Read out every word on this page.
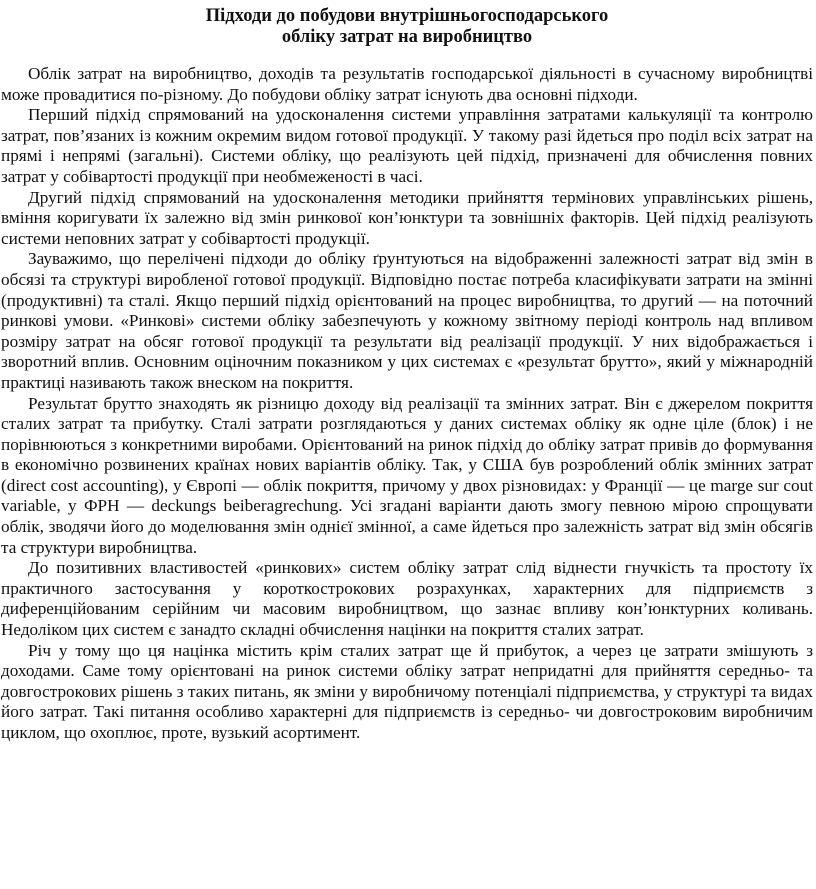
Підходи до побудови внутрішньогосподарського
обліку затрат на виробництво

Облік затрат на виробництво, доходів та результатів господарської діяльності в сучасному виробництві може провадитися по-різному. До побудови обліку затрат існують два основні підходи.

Перший підхід спрямований на удосконалення системи управління затратами калькуляції та контролю затрат, пов’язаних із кожним окремим видом готової продукції. У такому разі йдеться про поділ всіх затрат на прямі і непрямі (загальні). Системи обліку, що реалізують цей підхід, призначені для обчислення повних затрат у собівартості продукції при необмеженості в часі.

Другий підхід спрямований на удосконалення методики прийняття термінових управлінських рішень, вміння коригувати їх залежно від змін ринкової кон’юнктури та зовнішніх факторів. Цей підхід реалізують системи неповних затрат у собівартості продукції.

Зауважимо, що перелічені підходи до обліку ґрунтуються на відображенні залежності затрат від змін в обсязі та структурі виробленої готової продукції. Відповідно постає потреба класифікувати затрати на змінні (продуктивні) та сталі. Якщо перший підхід орієнтований на процес виробництва, то другий — на поточний ринкові умови. «Ринкові» системи обліку забезпечують у кожному звітному періоді контроль над впливом розміру затрат на обсяг готової продукції та результати від реалізації продукції. У них відображається і зворотний вплив. Основним оціночним показником у цих системах є «результат брутто», який у міжнародній практиці називають також внеском на покриття.

Результат брутто знаходять як різницю доходу від реалізації та змінних затрат. Він є джерелом покриття сталих затрат та прибутку. Сталі затрати розглядаються у даних системах обліку як одне ціле (блок) і не порівнюються з конкретними виробами. Орієнтований на ринок підхід до обліку затрат привів до формування в економічно розвинених країнах нових варіантів обліку. Так, у США був розроблений облік змінних затрат (direct cost accounting), у Європі — облік покриття, причому у двох різновидах: у Франції — це marge sur cout variable, у ФРН — deckungs beiberagrechung. Усі згадані варіанти дають змогу певною мірою спрощувати облік, зводячи його до моделювання змін однієї змінної, а саме йдеться про залежність затрат від змін обсягів та структури виробництва.

До позитивних властивостей «ринкових» систем обліку затрат слід віднести гнучкість та простоту їх практичного застосування у короткострокових розрахунках, характерних для підприємств з диференційованим серійним чи масовим виробництвом, що зазнає впливу кон’юнктурних коливань. Недоліком цих систем є занадто складні обчислення націнки на покриття сталих затрат.

Річ у тому що ця націнка містить крім сталих затрат ще й прибуток, а через це затрати змішують з доходами. Саме тому орієнтовані на ринок системи обліку затрат непридатні для прийняття середньо- та довгострокових рішень з таких питань, як зміни у виробничому потенціалі підприємства, у структурі та видах його затрат. Такі питання особливо характерні для підприємств із середньо- чи довгостроковим виробничим циклом, що охоплює, проте, вузький асортимент.
